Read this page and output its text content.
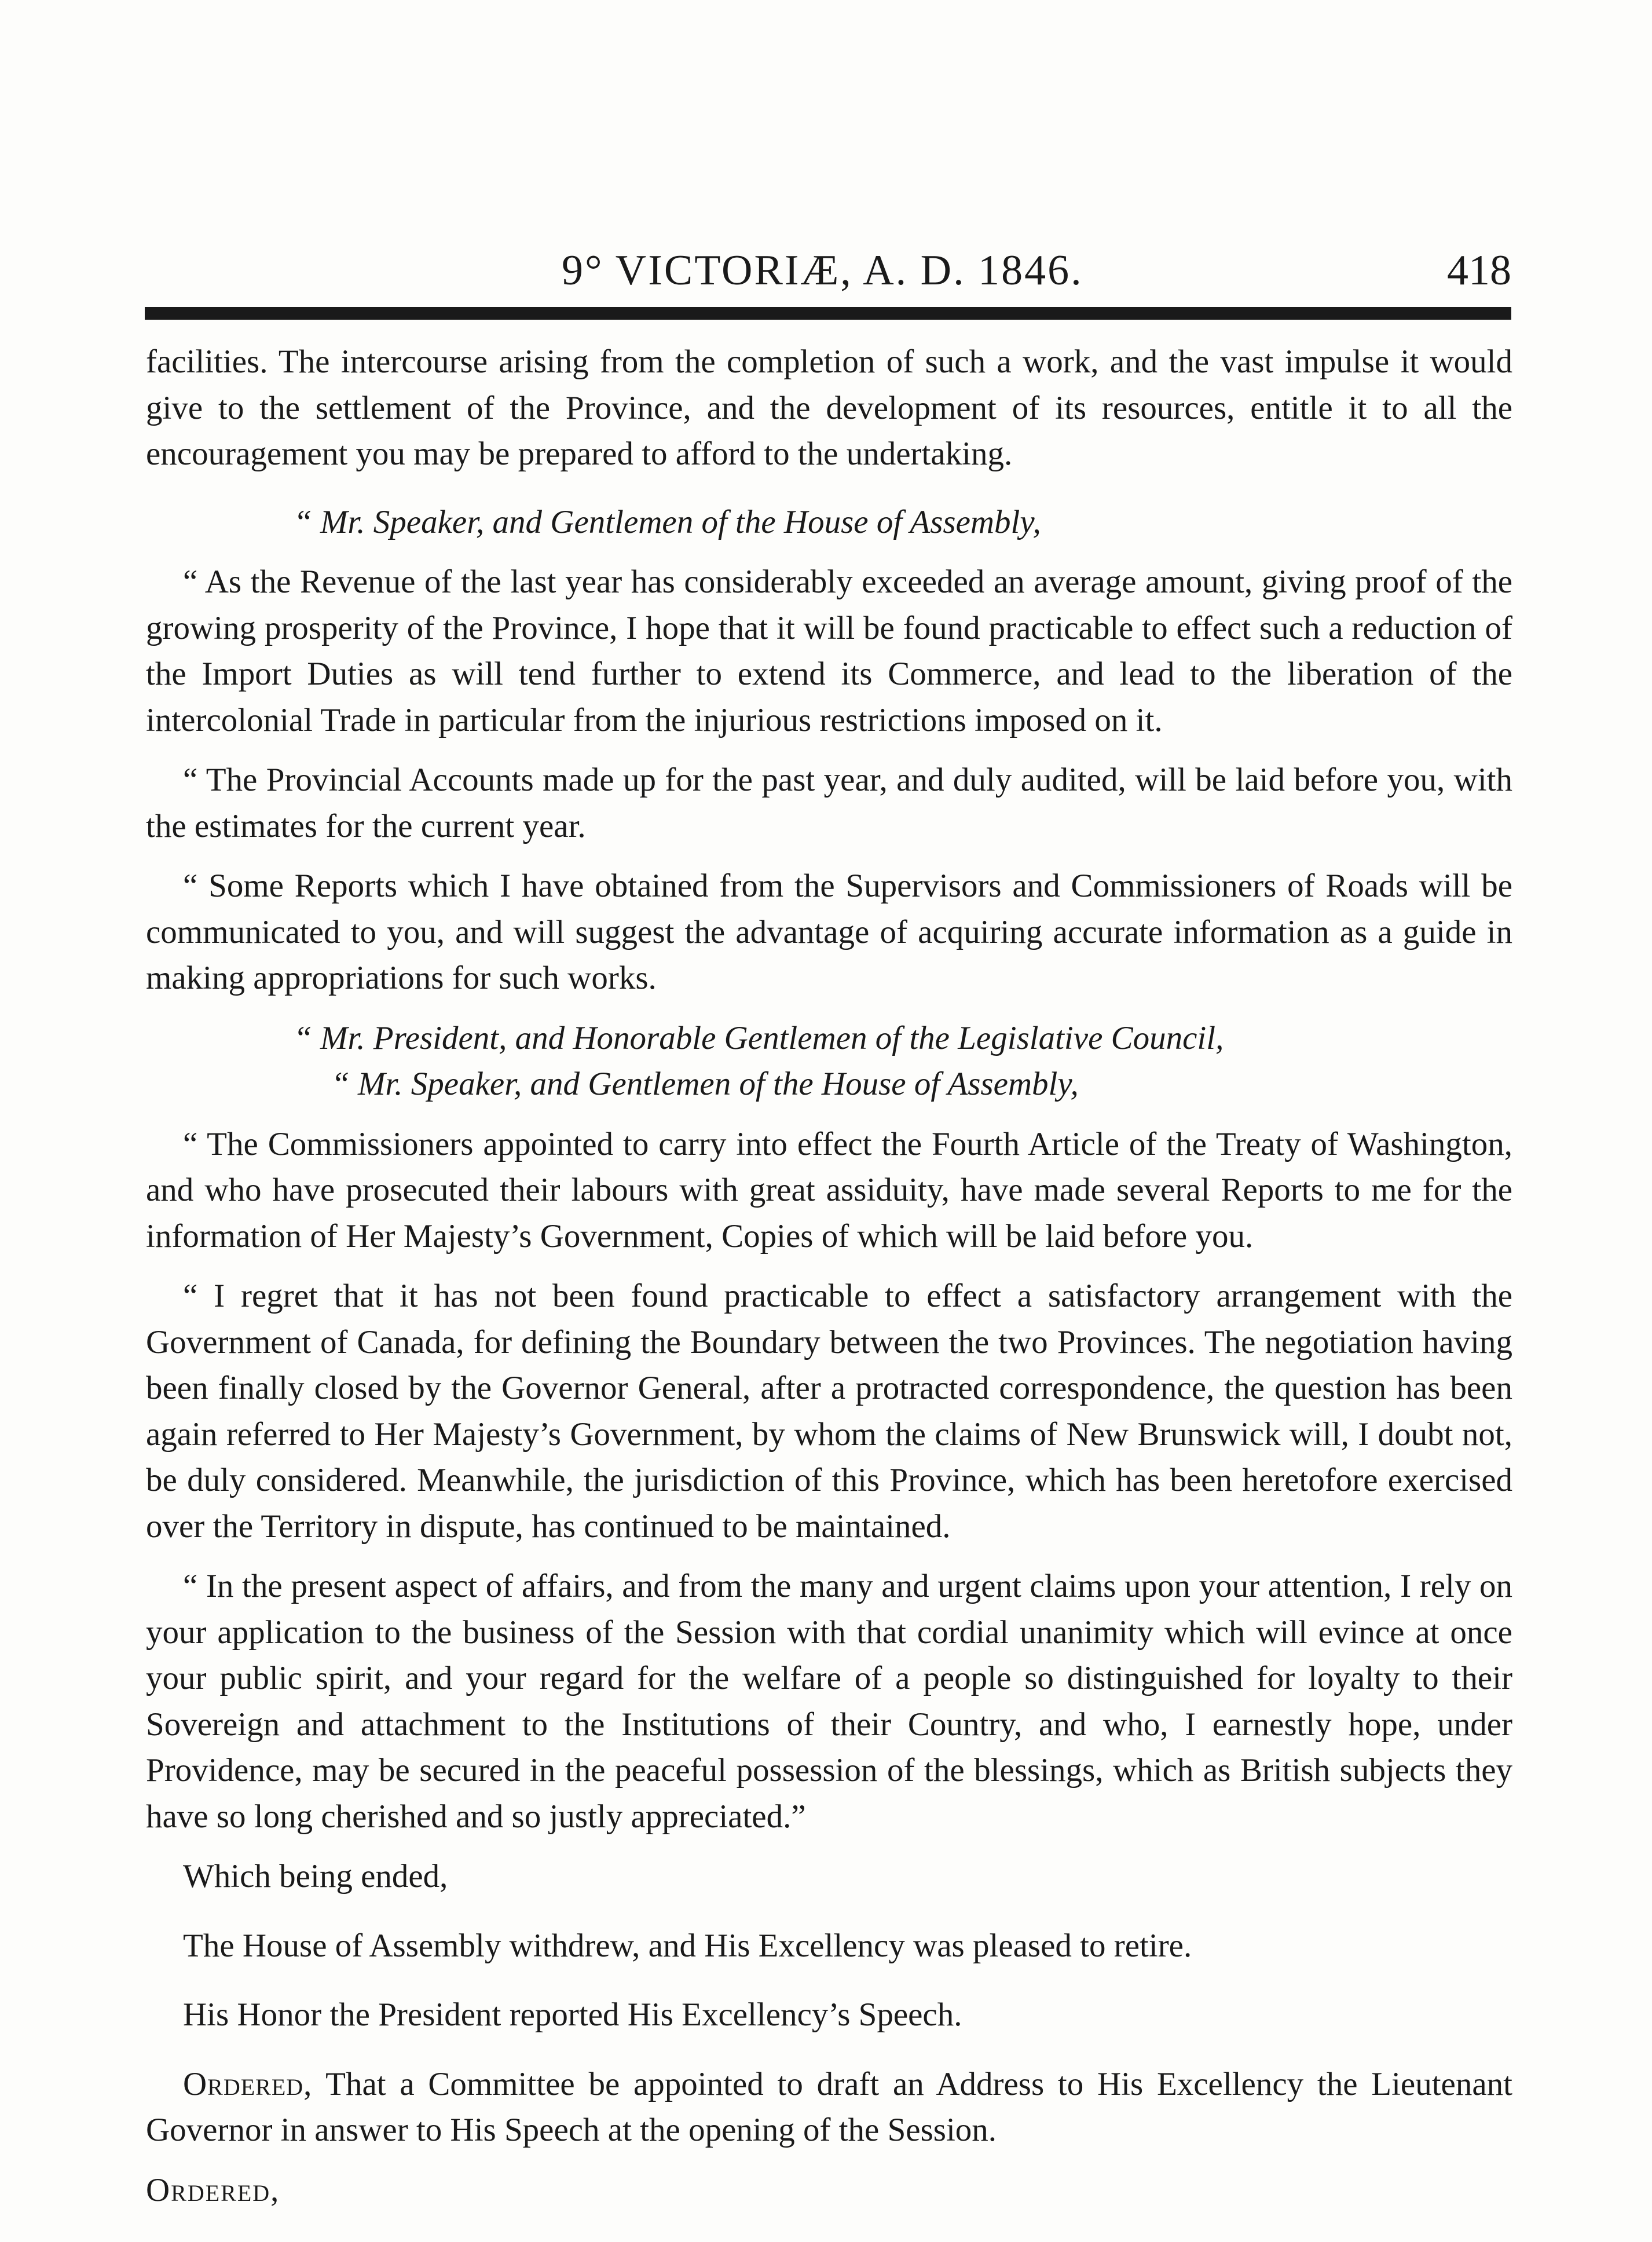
9° VICTORIÆ, A. D. 1846.	418

facilities. The intercourse arising from the completion of such a work, and the vast impulse it would give to the settlement of the Province, and the development of its resources, entitle it to all the encouragement you may be prepared to afford to the undertaking.

“ Mr. Speaker, and Gentlemen of the House of Assembly,

“ As the Revenue of the last year has considerably exceeded an average amount, giving proof of the growing prosperity of the Province, I hope that it will be found practicable to effect such a reduction of the Import Duties as will tend further to extend its Commerce, and lead to the liberation of the intercolonial Trade in particular from the injurious restrictions imposed on it.

“ The Provincial Accounts made up for the past year, and duly audited, will be laid before you, with the estimates for the current year.

“ Some Reports which I have obtained from the Supervisors and Commissioners of Roads will be communicated to you, and will suggest the advantage of acquiring accurate information as a guide in making appropriations for such works.

“ Mr. President, and Honorable Gentlemen of the Legislative Council,
“ Mr. Speaker, and Gentlemen of the House of Assembly,

“ The Commissioners appointed to carry into effect the Fourth Article of the Treaty of Washington, and who have prosecuted their labours with great assiduity, have made several Reports to me for the information of Her Majesty’s Government, Copies of which will be laid before you.

“ I regret that it has not been found practicable to effect a satisfactory arrangement with the Government of Canada, for defining the Boundary between the two Provinces. The negotiation having been finally closed by the Governor General, after a protracted correspondence, the question has been again referred to Her Majesty’s Government, by whom the claims of New Brunswick will, I doubt not, be duly considered. Meanwhile, the jurisdiction of this Province, which has been heretofore exercised over the Territory in dispute, has continued to be maintained.

“ In the present aspect of affairs, and from the many and urgent claims upon your attention, I rely on your application to the business of the Session with that cordial unanimity which will evince at once your public spirit, and your regard for the welfare of a people so distinguished for loyalty to their Sovereign and attachment to the Institutions of their Country, and who, I earnestly hope, under Providence, may be secured in the peaceful possession of the blessings, which as British subjects they have so long cherished and so justly appreciated.”

Which being ended,

The House of Assembly withdrew, and His Excellency was pleased to retire.

His Honor the President reported His Excellency’s Speech.

Ordered, That a Committee be appointed to draft an Address to His Excellency the Lieutenant Governor in answer to His Speech at the opening of the Session.

Ordered,
